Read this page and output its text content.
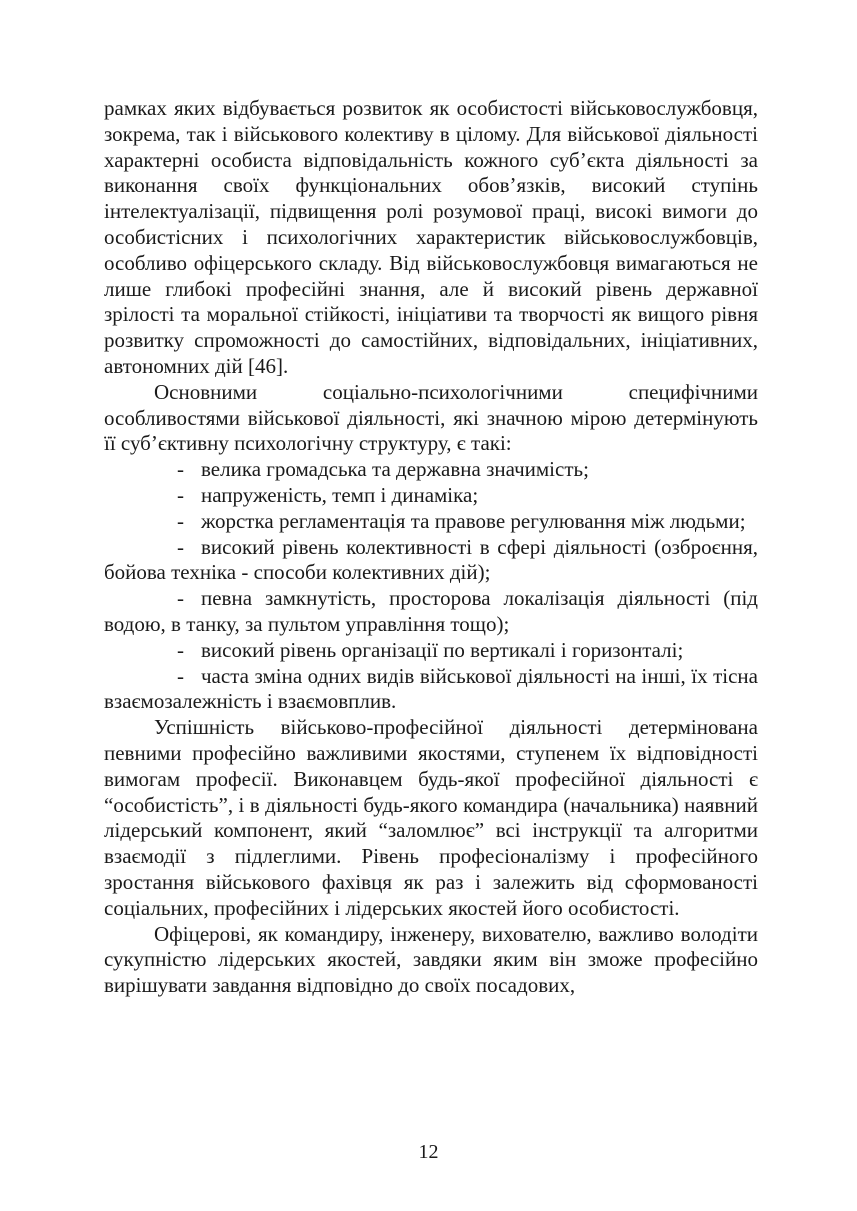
рамках яких відбувається розвиток як особистості військовослужбовця, зокрема, так і військового колективу в цілому. Для військової діяльності характерні особиста відповідальність кожного суб’єкта діяльності за виконання своїх функціональних обов’язків, високий ступінь інтелектуалізації, підвищення ролі розумової праці, високі вимоги до особистісних і психологічних характеристик військовослужбовців, особливо офіцерського складу. Від військовослужбовця вимагаються не лише глибокі професійні знання, але й високий рівень державної зрілості та моральної стійкості, ініціативи та творчості як вищого рівня розвитку спроможності до самостійних, відповідальних, ініціативних, автономних дій [46].

Основними соціально-психологічними специфічними особливостями військової діяльності, які значною мірою детермінують її суб’єктивну психологічну структуру, є такі:

- велика громадська та державна значимість;

- напруженість, темп і динаміка;

- жорстка регламентація та правове регулювання між людьми;

- високий рівень колективності в сфері діяльності (озброєння, бойова техніка - способи колективних дій);

- певна замкнутість, просторова локалізація діяльності (під водою, в танку, за пультом управління тощо);

- високий рівень організації по вертикалі і горизонталі;

- часта зміна одних видів військової діяльності на інші, їх тісна взаємозалежність і взаємовплив.

Успішність військово-професійної діяльності детермінована певними професійно важливими якостями, ступенем їх відповідності вимогам професії. Виконавцем будь-якої професійної діяльності є “особистість”, і в діяльності будь-якого командира (начальника) наявний лідерський компонент, який “заломлює” всі інструкції та алгоритми взаємодії з підлеглими. Рівень професіоналізму і професійного зростання військового фахівця як раз і залежить від сформованості соціальних, професійних і лідерських якостей його особистості.

Офіцерові, як командиру, інженеру, вихователю, важливо володіти сукупністю лідерських якостей, завдяки яким він зможе професійно вирішувати завдання відповідно до своїх посадових,

12
